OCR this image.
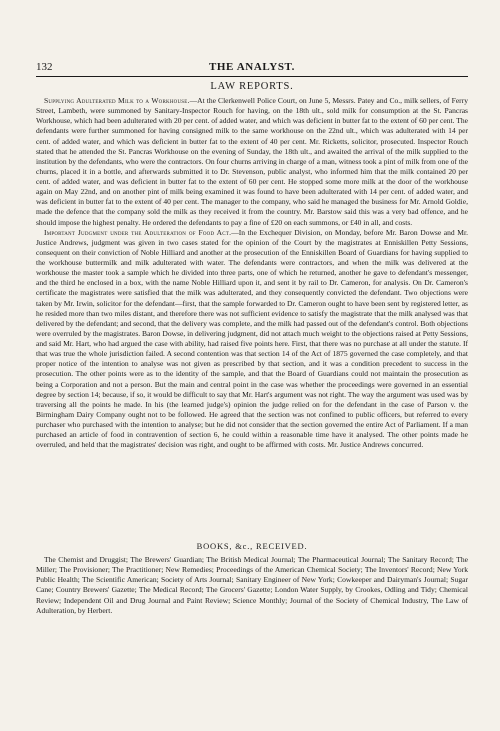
132	THE ANALYST.
LAW REPORTS.

Supplying Adulterated Milk to a Workhouse.—At the Clerkenwell Police Court, on June 5, Messrs. Patey and Co., milk sellers, of Ferry Street, Lambeth, were summoned by Sanitary-Inspector Rouch for having, on the 18th ult., sold milk for consumption at the St. Pancras Workhouse, which had been adulterated with 20 per cent. of added water, and which was deficient in butter fat to the extent of 60 per cent. The defendants were further summoned for having consigned milk to the same workhouse on the 22nd ult., which was adulterated with 14 per cent. of added water, and which was deficient in butter fat to the extent of 40 per cent. Mr. Ricketts, solicitor, prosecuted. Inspector Rouch stated that he attended the St. Pancras Workhouse on the evening of Sunday, the 18th ult., and awaited the arrival of the milk supplied to the institution by the defendants, who were the contractors. On four churns arriving in charge of a man, witness took a pint of milk from one of the churns, placed it in a bottle, and afterwards submitted it to Dr. Stevenson, public analyst, who informed him that the milk contained 20 per cent. of added water, and was deficient in butter fat to the extent of 60 per cent. He stopped some more milk at the door of the workhouse again on May 22nd, and on another pint of milk being examined it was found to have been adulterated with 14 per cent. of added water, and was deficient in butter fat to the extent of 40 per cent. The manager to the company, who said he managed the business for Mr. Arnold Goldie, made the defence that the company sold the milk as they received it from the country. Mr. Barstow said this was a very bad offence, and he should impose the highest penalty. He ordered the defendants to pay a fine of £20 on each summons, or £40 in all, and costs.

Important Judgment under the Adulteration of Food Act.—In the Exchequer Division, on Monday, before Mr. Baron Dowse and Mr. Justice Andrews, judgment was given in two cases stated for the opinion of the Court by the magistrates at Enniskillen Petty Sessions, consequent on their conviction of Noble Hilliard and another at the prosecution of the Enniskillen Board of Guardians for having supplied to the workhouse buttermilk and milk adulterated with water. The defendants were contractors, and when the milk was delivered at the workhouse the master took a sample which he divided into three parts, one of which he returned, another he gave to defendant's messenger, and the third he enclosed in a box, with the name Noble Hilliard upon it, and sent it by rail to Dr. Cameron, for analysis. On Dr. Cameron's certificate the magistrates were satisfied that the milk was adulterated, and they consequently convicted the defendant. Two objections were taken by Mr. Irwin, solicitor for the defendant—first, that the sample forwarded to Dr. Cameron ought to have been sent by registered letter, as he resided more than two miles distant, and therefore there was not sufficient evidence to satisfy the magistrate that the milk analysed was that delivered by the defendant; and second, that the delivery was complete, and the milk had passed out of the defendant's control. Both objections were overruled by the magistrates. Baron Dowse, in delivering judgment, did not attach much weight to the objections raised at Petty Sessions, and said Mr. Hart, who had argued the case with ability, had raised five points here. First, that there was no purchase at all under the statute. If that was true the whole jurisdiction failed. A second contention was that section 14 of the Act of 1875 governed the case completely, and that proper notice of the intention to analyse was not given as prescribed by that section, and it was a condition precedent to success in the prosecution. The other points were as to the identity of the sample, and that the Board of Guardians could not maintain the prosecution as being a Corporation and not a person. But the main and central point in the case was whether the proceedings were governed in an essential degree by section 14; because, if so, it would be difficult to say that Mr. Hart's argument was not right. The way the argument was used was by traversing all the points he made. In his (the learned judge's) opinion the judge relied on for the defendant in the case of Parson v. the Birmingham Dairy Company ought not to be followed. He agreed that the section was not confined to public officers, but referred to every purchaser who purchased with the intention to analyse; but he did not consider that the section governed the entire Act of Parliament. If a man purchased an article of food in contravention of section 6, he could within a reasonable time have it analysed. The other points made he overruled, and held that the magistrates' decision was right, and ought to be affirmed with costs. Mr. Justice Andrews concurred.

BOOKS, &c., RECEIVED.

The Chemist and Druggist; The Brewers' Guardian; The British Medical Journal; The Pharmaceutical Journal; The Sanitary Record; The Miller; The Provisioner; The Practitioner; New Remedies; Proceedings of the American Chemical Society; The Inventors' Record; New York Public Health; The Scientific American; Society of Arts Journal; Sanitary Engineer of New York; Cowkeeper and Dairyman's Journal; Sugar Cane; Country Brewers' Gazette; The Medical Record; The Grocers' Gazette; London Water Supply, by Crookes, Odling and Tidy; Chemical Review; Independent Oil and Drug Journal and Paint Review; Science Monthly; Journal of the Society of Chemical Industry, The Law of Adulteration, by Herbert.
